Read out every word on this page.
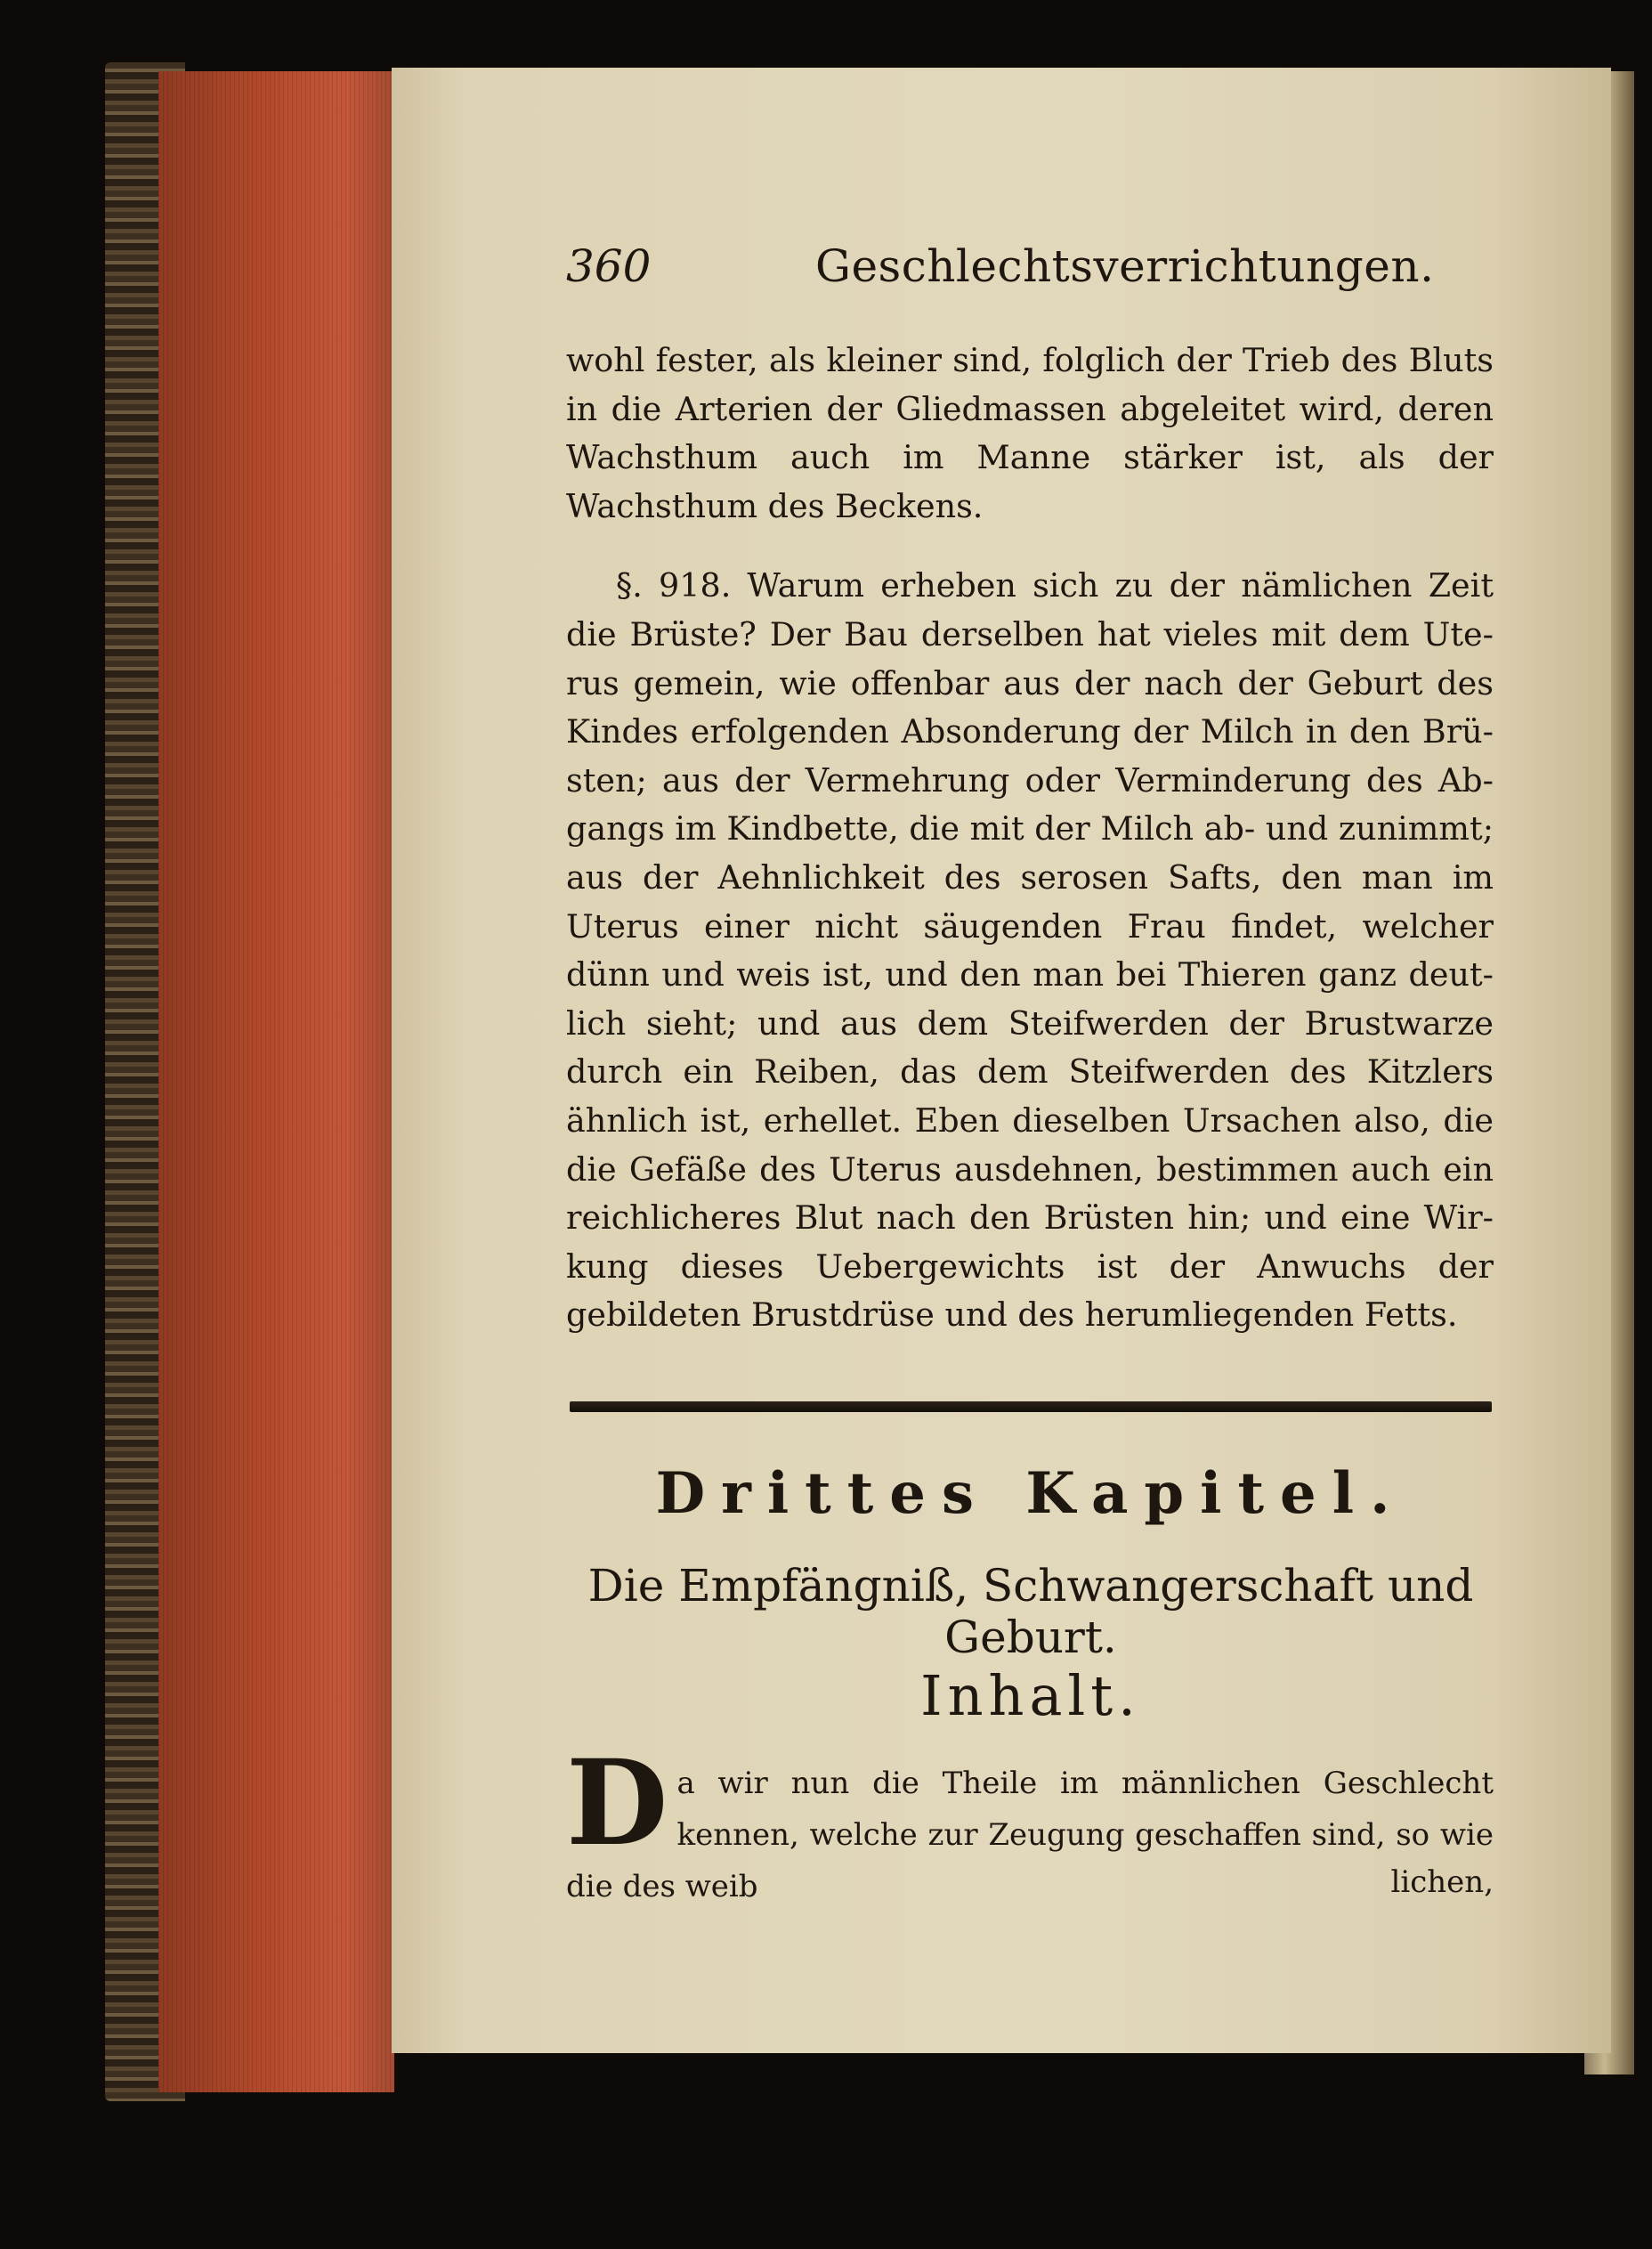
360	Geschlechtsverrichtungen.

wohl fester, als kleiner sind, folglich der Trieb des Bluts in die Arterien der Gliedmassen abgeleitet wird, deren Wachsthum auch im Manne stärker ist, als der Wachsthum des Beckens.

§. 918. Warum erheben sich zu der nämlichen Zeit die Brüste? Der Bau derselben hat vieles mit dem Uterus gemein, wie offenbar aus der nach der Geburt des Kindes erfolgenden Absonderung der Milch in den Brüsten; aus der Vermehrung oder Verminderung des Abgangs im Kindbette, die mit der Milch ab- und zunimmt; aus der Aehnlichkeit des serosen Safts, den man im Uterus einer nicht säugenden Frau findet, welcher dünn und weis ist, und den man bei Thieren ganz deutlich sieht; und aus dem Steifwerden der Brustwarze durch ein Reiben, das dem Steifwerden des Kitzlers ähnlich ist, erhellet. Eben dieselben Ursachen also, die die Gefäße des Uterus ausdehnen, bestimmen auch ein reichlicheres Blut nach den Brüsten hin; und eine Wirkung dieses Uebergewichts ist der Anwuchs der gebildeten Brustdrüse und des herumliegenden Fetts.

Drittes Kapitel.
Die Empfängniß, Schwangerschaft und Geburt.
Inhalt.
D a wir nun die Theile im männlichen Geschlecht kennen, welche zur Zeugung geschaffen sind, so wie die des weib	lichen,
